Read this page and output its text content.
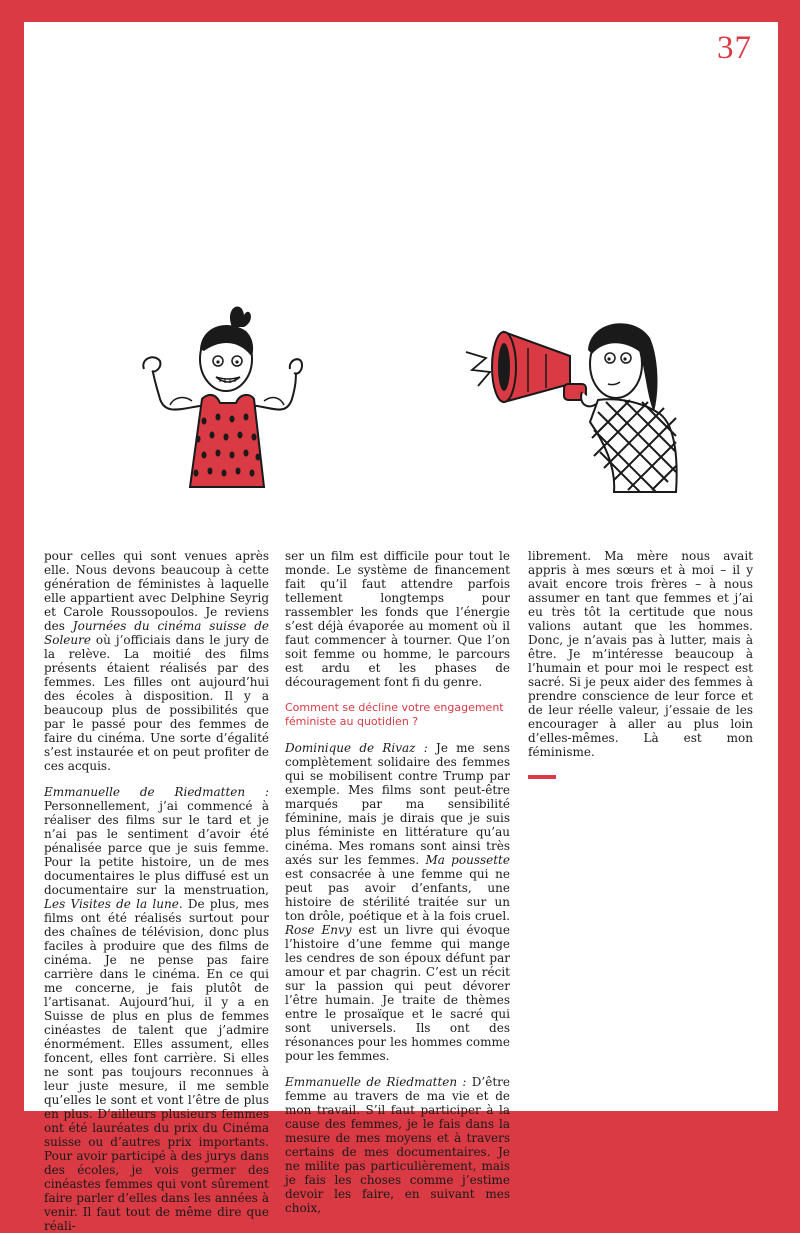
37

pour celles qui sont venues après elle. Nous devons beaucoup à cette génération de féministes à laquelle elle appartient avec Delphine Seyrig et Carole Roussopoulos. Je reviens des Journées du cinéma suisse de Soleure où j’officiais dans le jury de la relève. La moitié des films présents étaient réalisés par des femmes. Les filles ont aujourd’hui des écoles à disposition. Il y a beaucoup plus de possibilités que par le passé pour des femmes de faire du cinéma. Une sorte d’égalité s’est instaurée et on peut profiter de ces acquis.

Emmanuelle de Riedmatten : Personnellement, j’ai commencé à réaliser des films sur le tard et je n’ai pas le sentiment d’avoir été pénalisée parce que je suis femme. Pour la petite histoire, un de mes documentaires le plus diffusé est un documentaire sur la menstruation, Les Visites de la lune. De plus, mes films ont été réalisés surtout pour des chaînes de télévision, donc plus faciles à produire que des films de cinéma. Je ne pense pas faire carrière dans le cinéma. En ce qui me concerne, je fais plutôt de l’artisanat. Aujourd’hui, il y a en Suisse de plus en plus de femmes cinéastes de talent que j’admire énormément. Elles assument, elles foncent, elles font carrière. Si elles ne sont pas toujours reconnues à leur juste mesure, il me semble qu’elles le sont et vont l’être de plus en plus. D’ailleurs plusieurs femmes ont été lauréates du prix du Cinéma suisse ou d’autres prix importants. Pour avoir participé à des jurys dans des écoles, je vois germer des cinéastes femmes qui vont sûrement faire parler d’elles dans les années à venir. Il faut tout de même dire que réali-

ser un film est difficile pour tout le monde. Le système de financement fait qu’il faut attendre parfois tellement longtemps pour rassembler les fonds que l’énergie s’est déjà évaporée au moment où il faut commencer à tourner. Que l’on soit femme ou homme, le parcours est ardu et les phases de découragement font fi du genre.

Comment se décline votre engagement féministe au quotidien ?

Dominique de Rivaz : Je me sens complètement solidaire des femmes qui se mobilisent contre Trump par exemple. Mes films sont peut-être marqués par ma sensibilité féminine, mais je dirais que je suis plus féministe en littérature qu’au cinéma. Mes romans sont ainsi très axés sur les femmes. Ma poussette est consacrée à une femme qui ne peut pas avoir d’enfants, une histoire de stérilité traitée sur un ton drôle, poétique et à la fois cruel. Rose Envy est un livre qui évoque l’histoire d’une femme qui mange les cendres de son époux défunt par amour et par chagrin. C’est un récit sur la passion qui peut dévorer l’être humain. Je traite de thèmes entre le prosaïque et le sacré qui sont universels. Ils ont des résonances pour les hommes comme pour les femmes.

Emmanuelle de Riedmatten : D’être femme au travers de ma vie et de mon travail. S’il faut participer à la cause des femmes, je le fais dans la mesure de mes moyens et à travers certains de mes documentaires. Je ne milite pas particulièrement, mais je fais les choses comme j’estime devoir les faire, en suivant mes choix,

librement. Ma mère nous avait appris à mes sœurs et à moi – il y avait encore trois frères – à nous assumer en tant que femmes et j’ai eu très tôt la certitude que nous valions autant que les hommes. Donc, je n’avais pas à lutter, mais à être. Je m’intéresse beaucoup à l’humain et pour moi le respect est sacré. Si je peux aider des femmes à prendre conscience de leur force et de leur réelle valeur, j’essaie de les encourager à aller au plus loin d’elles-mêmes. Là est mon féminisme.
